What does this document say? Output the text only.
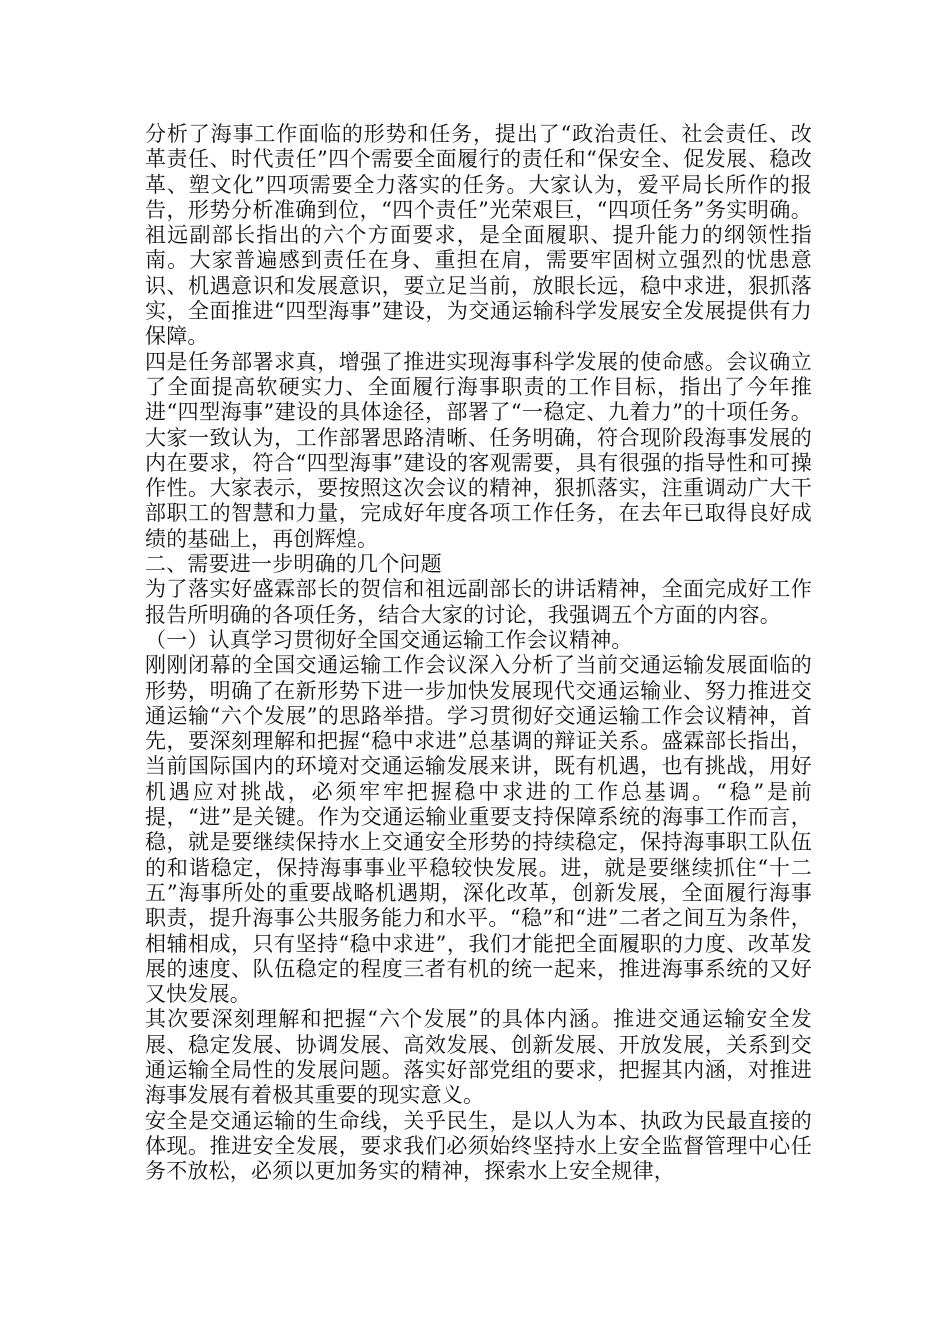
分析了海事工作面临的形势和任务，提出了“政治责任、社会责任、改革责任、时代责任”四个需要全面履行的责任和“保安全、促发展、稳改革、塑文化”四项需要全力落实的任务。大家认为，爱平局长所作的报告，形势分析准确到位，“四个责任”光荣艰巨，“四项任务”务实明确。祖远副部长指出的六个方面要求，是全面履职、提升能力的纲领性指南。大家普遍感到责任在身、重担在肩，需要牢固树立强烈的忧患意识、机遇意识和发展意识，要立足当前，放眼长远，稳中求进，狠抓落实，全面推进“四型海事”建设，为交通运输科学发展安全发展提供有力保障。

四是任务部署求真，增强了推进实现海事科学发展的使命感。会议确立了全面提高软硬实力、全面履行海事职责的工作目标，指出了今年推进“四型海事”建设的具体途径，部署了“一稳定、九着力”的十项任务。大家一致认为，工作部署思路清晰、任务明确，符合现阶段海事发展的内在要求，符合“四型海事”建设的客观需要，具有很强的指导性和可操作性。大家表示，要按照这次会议的精神，狠抓落实，注重调动广大干部职工的智慧和力量，完成好年度各项工作任务，在去年已取得良好成绩的基础上，再创辉煌。

二、需要进一步明确的几个问题

为了落实好盛霖部长的贺信和祖远副部长的讲话精神，全面完成好工作报告所明确的各项任务，结合大家的讨论，我强调五个方面的内容。

（一）认真学习贯彻好全国交通运输工作会议精神。

刚刚闭幕的全国交通运输工作会议深入分析了当前交通运输发展面临的形势，明确了在新形势下进一步加快发展现代交通运输业、努力推进交通运输“六个发展”的思路举措。学习贯彻好交通运输工作会议精神，首先，要深刻理解和把握“稳中求进”总基调的辩证关系。盛霖部长指出，当前国际国内的环境对交通运输发展来讲，既有机遇，也有挑战，用好机遇应对挑战，必须牢牢把握稳中求进的工作总基调。“稳”是前提，“进”是关键。作为交通运输业重要支持保障系统的海事工作而言，稳，就是要继续保持水上交通安全形势的持续稳定，保持海事职工队伍的和谐稳定，保持海事事业平稳较快发展。进，就是要继续抓住“十二五”海事所处的重要战略机遇期，深化改革，创新发展，全面履行海事职责，提升海事公共服务能力和水平。“稳”和“进”二者之间互为条件，相辅相成，只有坚持“稳中求进”，我们才能把全面履职的力度、改革发展的速度、队伍稳定的程度三者有机的统一起来，推进海事系统的又好又快发展。

其次要深刻理解和把握“六个发展”的具体内涵。推进交通运输安全发展、稳定发展、协调发展、高效发展、创新发展、开放发展，关系到交通运输全局性的发展问题。落实好部党组的要求，把握其内涵，对推进海事发展有着极其重要的现实意义。

安全是交通运输的生命线，关乎民生，是以人为本、执政为民最直接的体现。推进安全发展，要求我们必须始终坚持水上安全监督管理中心任务不放松，必须以更加务实的精神，探索水上安全规律，
